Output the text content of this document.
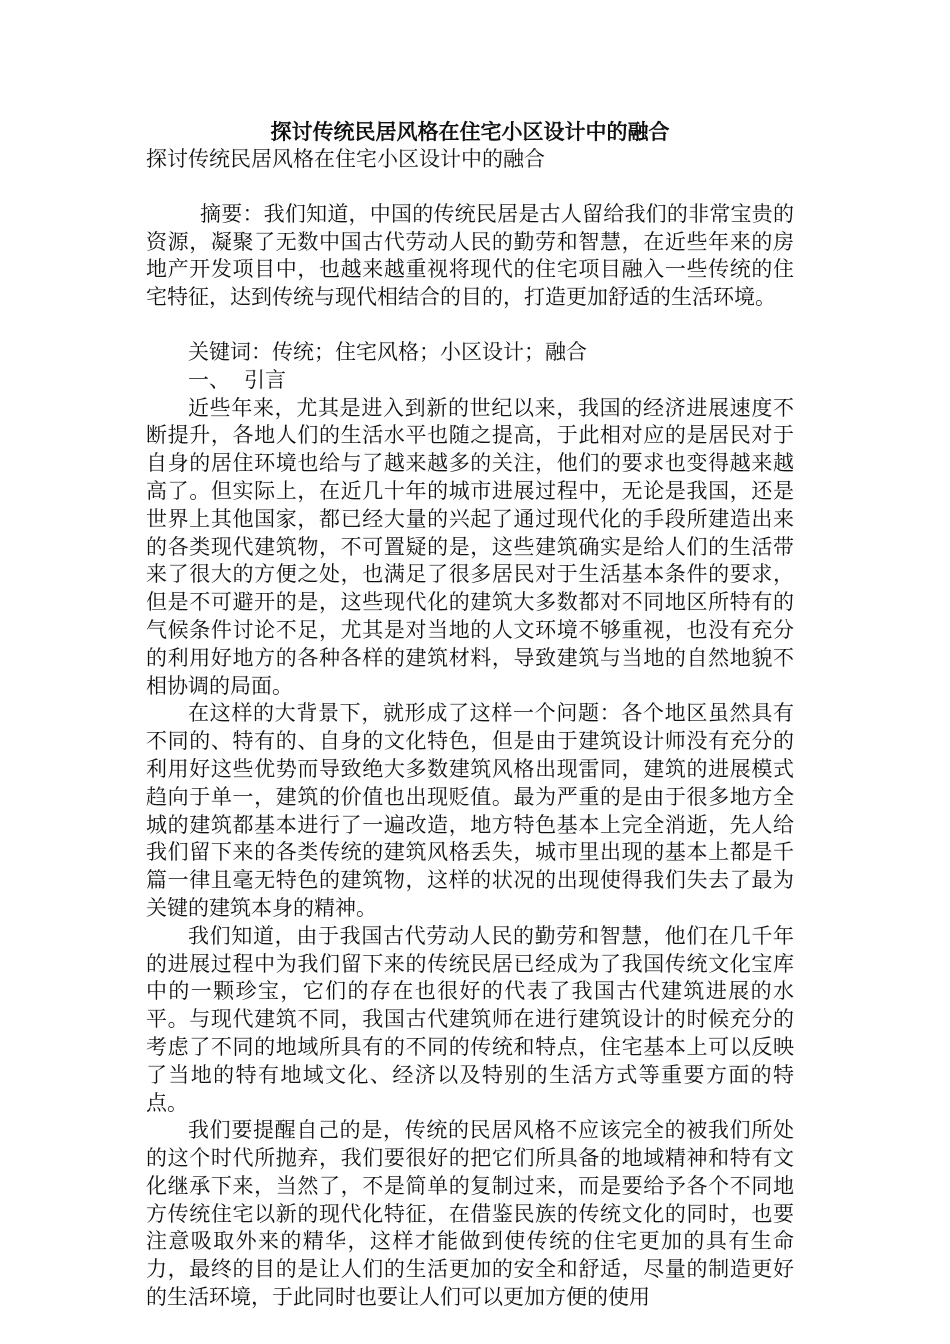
探讨传统民居风格在住宅小区设计中的融合

探讨传统民居风格在住宅小区设计中的融合

摘要：我们知道，中国的传统民居是古人留给我们的非常宝贵的资源，凝聚了无数中国古代劳动人民的勤劳和智慧，在近些年来的房地产开发项目中，也越来越重视将现代的住宅项目融入一些传统的住宅特征，达到传统与现代相结合的目的，打造更加舒适的生活环境。

关键词：传统；住宅风格；小区设计；融合

一、 引言

近些年来，尤其是进入到新的世纪以来，我国的经济进展速度不断提升，各地人们的生活水平也随之提高，于此相对应的是居民对于自身的居住环境也给与了越来越多的关注，他们的要求也变得越来越高了。但实际上，在近几十年的城市进展过程中，无论是我国，还是世界上其他国家，都已经大量的兴起了通过现代化的手段所建造出来的各类现代建筑物，不可置疑的是，这些建筑确实是给人们的生活带来了很大的方便之处，也满足了很多居民对于生活基本条件的要求，但是不可避开的是，这些现代化的建筑大多数都对不同地区所特有的气候条件讨论不足，尤其是对当地的人文环境不够重视，也没有充分的利用好地方的各种各样的建筑材料，导致建筑与当地的自然地貌不相协调的局面。

在这样的大背景下，就形成了这样一个问题：各个地区虽然具有不同的、特有的、自身的文化特色，但是由于建筑设计师没有充分的利用好这些优势而导致绝大多数建筑风格出现雷同，建筑的进展模式趋向于单一，建筑的价值也出现贬值。最为严重的是由于很多地方全城的建筑都基本进行了一遍改造，地方特色基本上完全消逝，先人给我们留下来的各类传统的建筑风格丢失，城市里出现的基本上都是千篇一律且毫无特色的建筑物，这样的状况的出现使得我们失去了最为关键的建筑本身的精神。

我们知道，由于我国古代劳动人民的勤劳和智慧，他们在几千年的进展过程中为我们留下来的传统民居已经成为了我国传统文化宝库中的一颗珍宝，它们的存在也很好的代表了我国古代建筑进展的水平。与现代建筑不同，我国古代建筑师在进行建筑设计的时候充分的考虑了不同的地域所具有的不同的传统和特点，住宅基本上可以反映了当地的特有地域文化、经济以及特别的生活方式等重要方面的特点。

我们要提醒自己的是，传统的民居风格不应该完全的被我们所处的这个时代所抛弃，我们要很好的把它们所具备的地域精神和特有文化继承下来，当然了，不是简单的复制过来，而是要给予各个不同地方传统住宅以新的现代化特征，在借鉴民族的传统文化的同时，也要注意吸取外来的精华，这样才能做到使传统的住宅更加的具有生命力，最终的目的是让人们的生活更加的安全和舒适，尽量的制造更好的生活环境，于此同时也要让人们可以更加方便的使用
